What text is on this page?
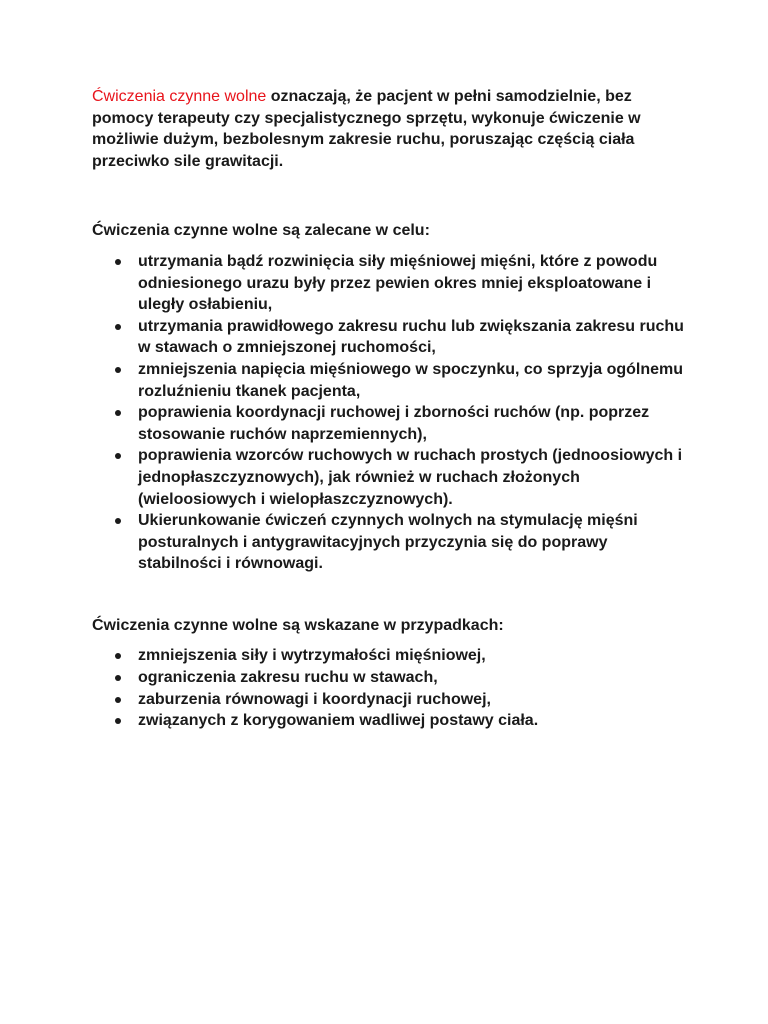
Ćwiczenia czynne wolne oznaczają, że pacjent w pełni samodzielnie, bez pomocy terapeuty czy specjalistycznego sprzętu, wykonuje ćwiczenie w możliwie dużym, bezbolesnym zakresie ruchu, poruszając częścią ciała przeciwko sile grawitacji.

Ćwiczenia czynne wolne są zalecane w celu:

utrzymania bądź rozwinięcia siły mięśniowej mięśni, które z powodu odniesionego urazu były przez pewien okres mniej eksploatowane i uległy osłabieniu,
utrzymania prawidłowego zakresu ruchu lub zwiększania zakresu ruchu w stawach o zmniejszonej ruchomości,
zmniejszenia napięcia mięśniowego w spoczynku, co sprzyja ogólnemu rozluźnieniu tkanek pacjenta,
poprawienia koordynacji ruchowej i zborności ruchów (np. poprzez stosowanie ruchów naprzemiennych),
poprawienia wzorców ruchowych w ruchach prostych (jednoosiowych i jednopłaszczyznowych), jak również w ruchach złożonych (wieloosiowych i wielopłaszczyznowych).
Ukierunkowanie ćwiczeń czynnych wolnych na stymulację mięśni posturalnych i antygrawitacyjnych przyczynia się do poprawy stabilności i równowagi.

Ćwiczenia czynne wolne są wskazane w przypadkach:

zmniejszenia siły i wytrzymałości mięśniowej,
ograniczenia zakresu ruchu w stawach,
zaburzenia równowagi i koordynacji ruchowej,
związanych z korygowaniem wadliwej postawy ciała.
